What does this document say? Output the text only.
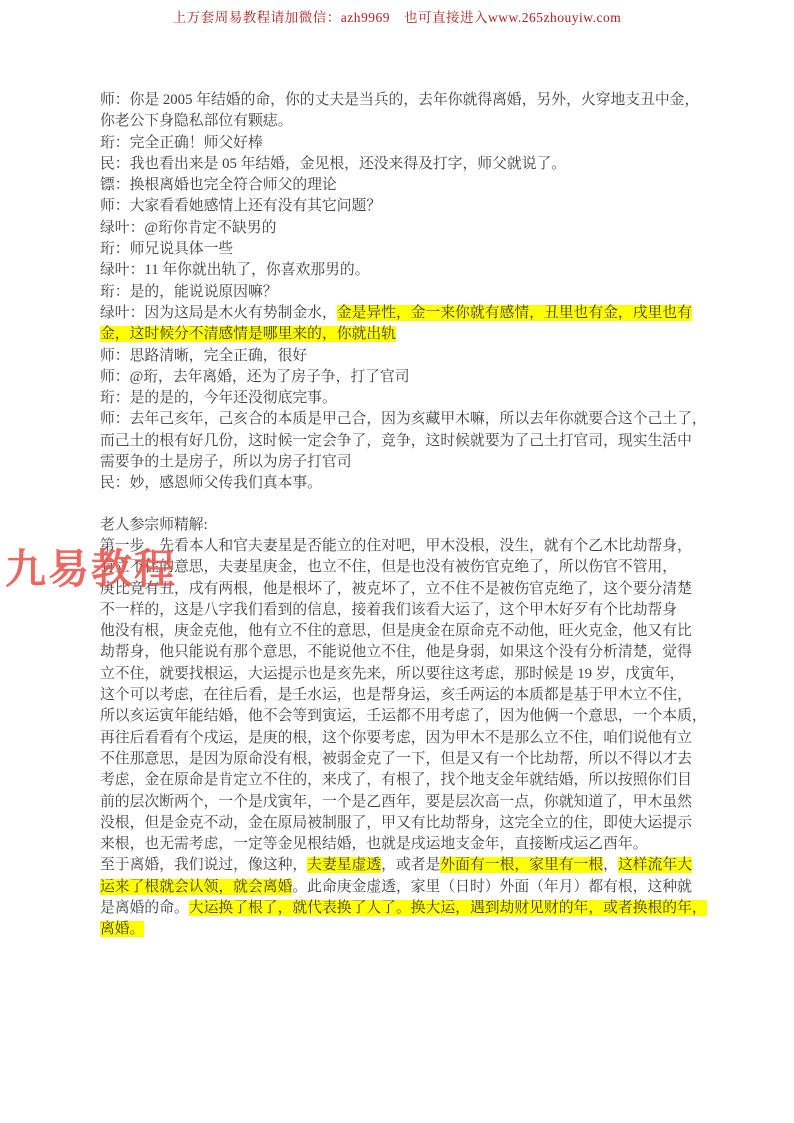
上万套周易教程请加微信：azh9969　也可直接进入www.265zhouyiw.com
九易教程
师：你是 2005 年结婚的命，你的丈夫是当兵的，去年你就得离婚，另外，火穿地支丑中金，
你老公下身隐私部位有颗痣。
珩：完全正确！师父好棒
民：我也看出来是 05 年结婚，金见根，还没来得及打字，师父就说了。
镖：换根离婚也完全符合师父的理论
师：大家看看她感情上还有没有其它问题？
绿叶：@珩你肯定不缺男的
珩：师兄说具体一些
绿叶：11 年你就出轨了，你喜欢那男的。
珩：是的，能说说原因嘛？
绿叶：因为这局是木火有势制金水，金是异性，金一来你就有感情，丑里也有金，戌里也有
金，这时候分不清感情是哪里来的，你就出轨
师：思路清晰，完全正确，很好
师：@珩，去年离婚，还为了房子争，打了官司
珩：是的是的，今年还没彻底完事。
师：去年己亥年，己亥合的本质是甲己合，因为亥藏甲木嘛，所以去年你就要合这个己土了，
而己土的根有好几份，这时候一定会争了，竞争，这时候就要为了己土打官司，现实生活中
需要争的土是房子，所以为房子打官司
民：妙，感恩师父传我们真本事。
老人参宗师精解:
第一步，先看本人和官夫妻星是否能立的住对吧，甲木没根，没生，就有个乙木比劫帮身，
有立不住的意思，夫妻星庚金，也立不住，但是也没有被伤官克绝了，所以伤官不管用，
庚比竟有丑，戌有两根，他是根坏了，被克坏了，立不住不是被伤官克绝了，这个要分清楚
不一样的，这是八字我们看到的信息，接着我们该看大运了，这个甲木好歹有个比劫帮身
他没有根，庚金克他，他有立不住的意思，但是庚金在原命克不动他，旺火克金，他又有比
劫帮身，他只能说有那个意思，不能说他立不住，他是身弱，如果这个没有分析清楚，觉得
立不住，就要找根运，大运提示也是亥先来，所以要往这考虑，那时候是 19 岁，戊寅年，
这个可以考虑，在往后看，是壬水运，也是帮身运，亥壬两运的本质都是基于甲木立不住，
所以亥运寅年能结婚，他不会等到寅运，壬运都不用考虑了，因为他俩一个意思，一个本质，
再往后看看有个戌运，是庚的根，这个你要考虑，因为甲木不是那么立不住，咱们说他有立
不住那意思，是因为原命没有根，被弱金克了一下，但是又有一个比劫帮，所以不得以才去
考虑，金在原命是肯定立不住的，来戌了，有根了，找个地支金年就结婚，所以按照你们目
前的层次断两个，一个是戊寅年，一个是乙酉年，要是层次高一点，你就知道了，甲木虽然
没根，但是金克不动，金在原局被制服了，甲又有比劫帮身，这完全立的住，即使大运提示
来根，也无需考虑，一定等金见根结婚，也就是戌运地支金年，直接断戌运乙酉年。
至于离婚，我们说过，像这种，夫妻星虚透，或者是外面有一根，家里有一根，这样流年大
运来了根就会认领，就会离婚。此命庚金虚透，家里（日时）外面（年月）都有根，这种就
是离婚的命。大运换了根了，就代表换了人了。换大运，遇到劫财见财的年，或者换根的年，
离婚。
